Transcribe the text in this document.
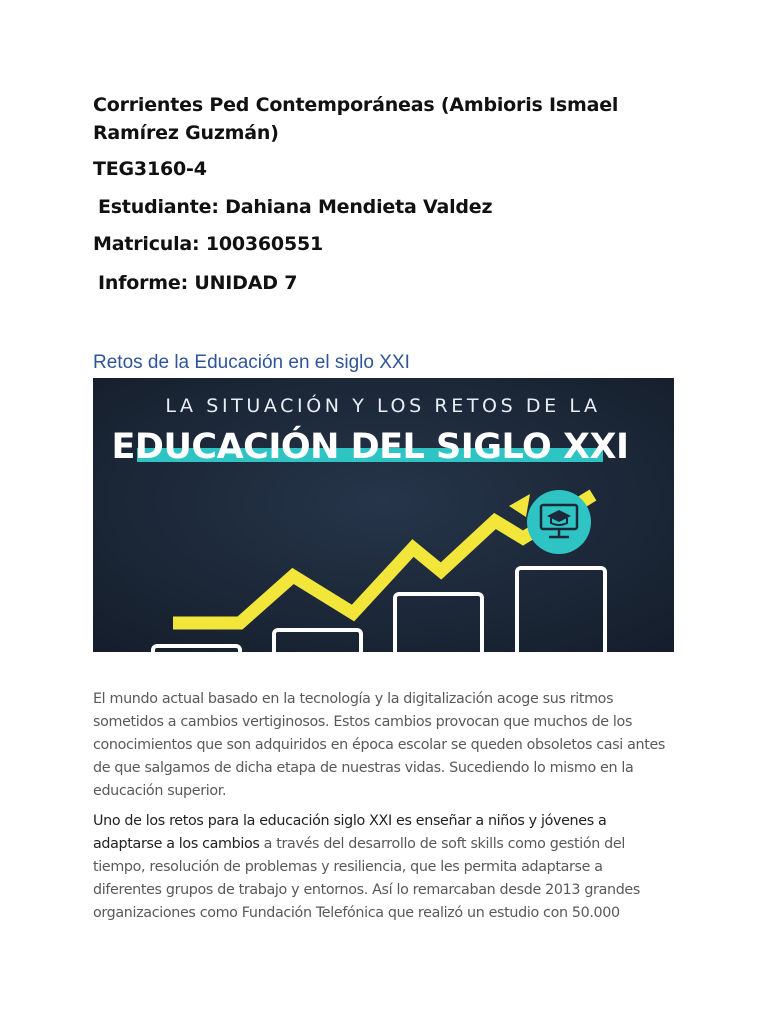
Corrientes Ped Contemporáneas (Ambioris Ismael Ramírez Guzmán)
TEG3160-4
Estudiante: Dahiana Mendieta Valdez
Matricula: 100360551
Informe: UNIDAD 7
Retos de la Educación en el siglo XXI
LA SITUACIÓN Y LOS RETOS DE LA
EDUCACIÓN DEL SIGLO XXI
El mundo actual basado en la tecnología y la digitalización acoge sus ritmos sometidos a cambios vertiginosos. Estos cambios provocan que muchos de los conocimientos que son adquiridos en época escolar se queden obsoletos casi antes de que salgamos de dicha etapa de nuestras vidas. Sucediendo lo mismo en la educación superior.
Uno de los retos para la educación siglo XXI es enseñar a niños y jóvenes a adaptarse a los cambios a través del desarrollo de soft skills como gestión del tiempo, resolución de problemas y resiliencia, que les permita adaptarse a diferentes grupos de trabajo y entornos. Así lo remarcaban desde 2013 grandes organizaciones como Fundación Telefónica que realizó un estudio con 50.000
